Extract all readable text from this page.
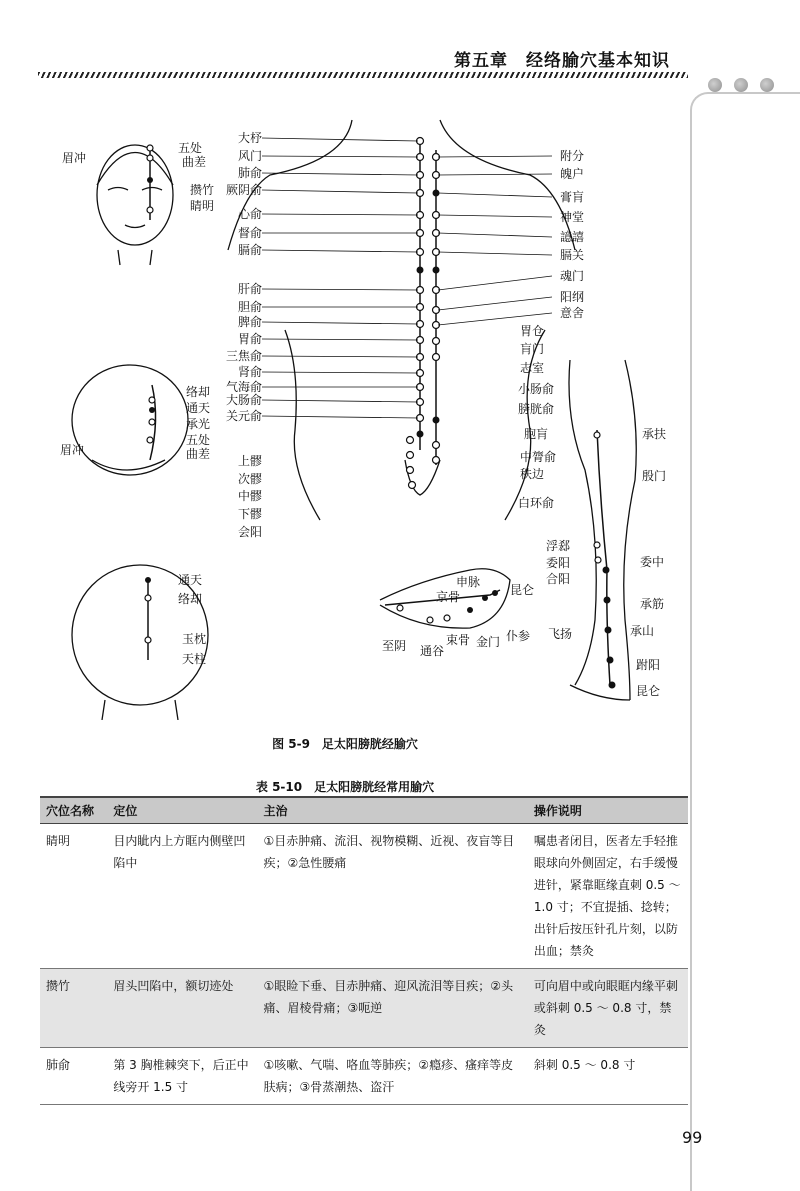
第五章　经络腧穴基本知识
眉冲
五处
曲差
攒竹
睛明
络却
通天
承光
五处
眉冲	曲差
通天
络却
玉枕
天柱
大杼
风门
肺俞
厥阴俞
心俞
督俞
膈俞
肝俞
胆俞
脾俞
胃俞
三焦俞
肾俞
气海俞
大肠俞
关元俞
附分
魄户
膏肓
神堂
譩譆
膈关
魂门
阳纲
意舍
胃仓
肓门
志室
小肠俞
膀胱俞
胞肓
中膂俞
秩边
白环俞
上髎
次髎
中髎
下髎
会阳
申脉
京骨	昆仑
至阴 通谷
束骨 金门 仆参
浮郄
委阳
合阳
飞扬
承扶
殷门
委中
承筋
承山
跗阳
昆仑
图 5-9　足太阳膀胱经腧穴
表 5-10　足太阳膀胱经常用腧穴
穴位名称	定位	主治	操作说明
睛明	目内眦内上方眶内侧壁凹陷中	①目赤肿痛、流泪、视物模糊、近视、夜盲等目疾；②急性腰痛	嘱患者闭目，医者左手轻推眼球向外侧固定，右手缓慢进针，紧靠眶缘直刺 0.5 ～ 1.0 寸；不宜提插、捻转；出针后按压针孔片刻，以防出血；禁灸
攒竹	眉头凹陷中，额切迹处	①眼睑下垂、目赤肿痛、迎风流泪等目疾；②头痛、眉棱骨痛；③呃逆	可向眉中或向眼眶内缘平刺或斜刺 0.5 ～ 0.8 寸，禁灸
肺俞	第 3 胸椎棘突下，后正中线旁开 1.5 寸	①咳嗽、气喘、咯血等肺疾；②瘾疹、瘙痒等皮肤病；③骨蒸潮热、盗汗	斜刺 0.5 ～ 0.8 寸
99
